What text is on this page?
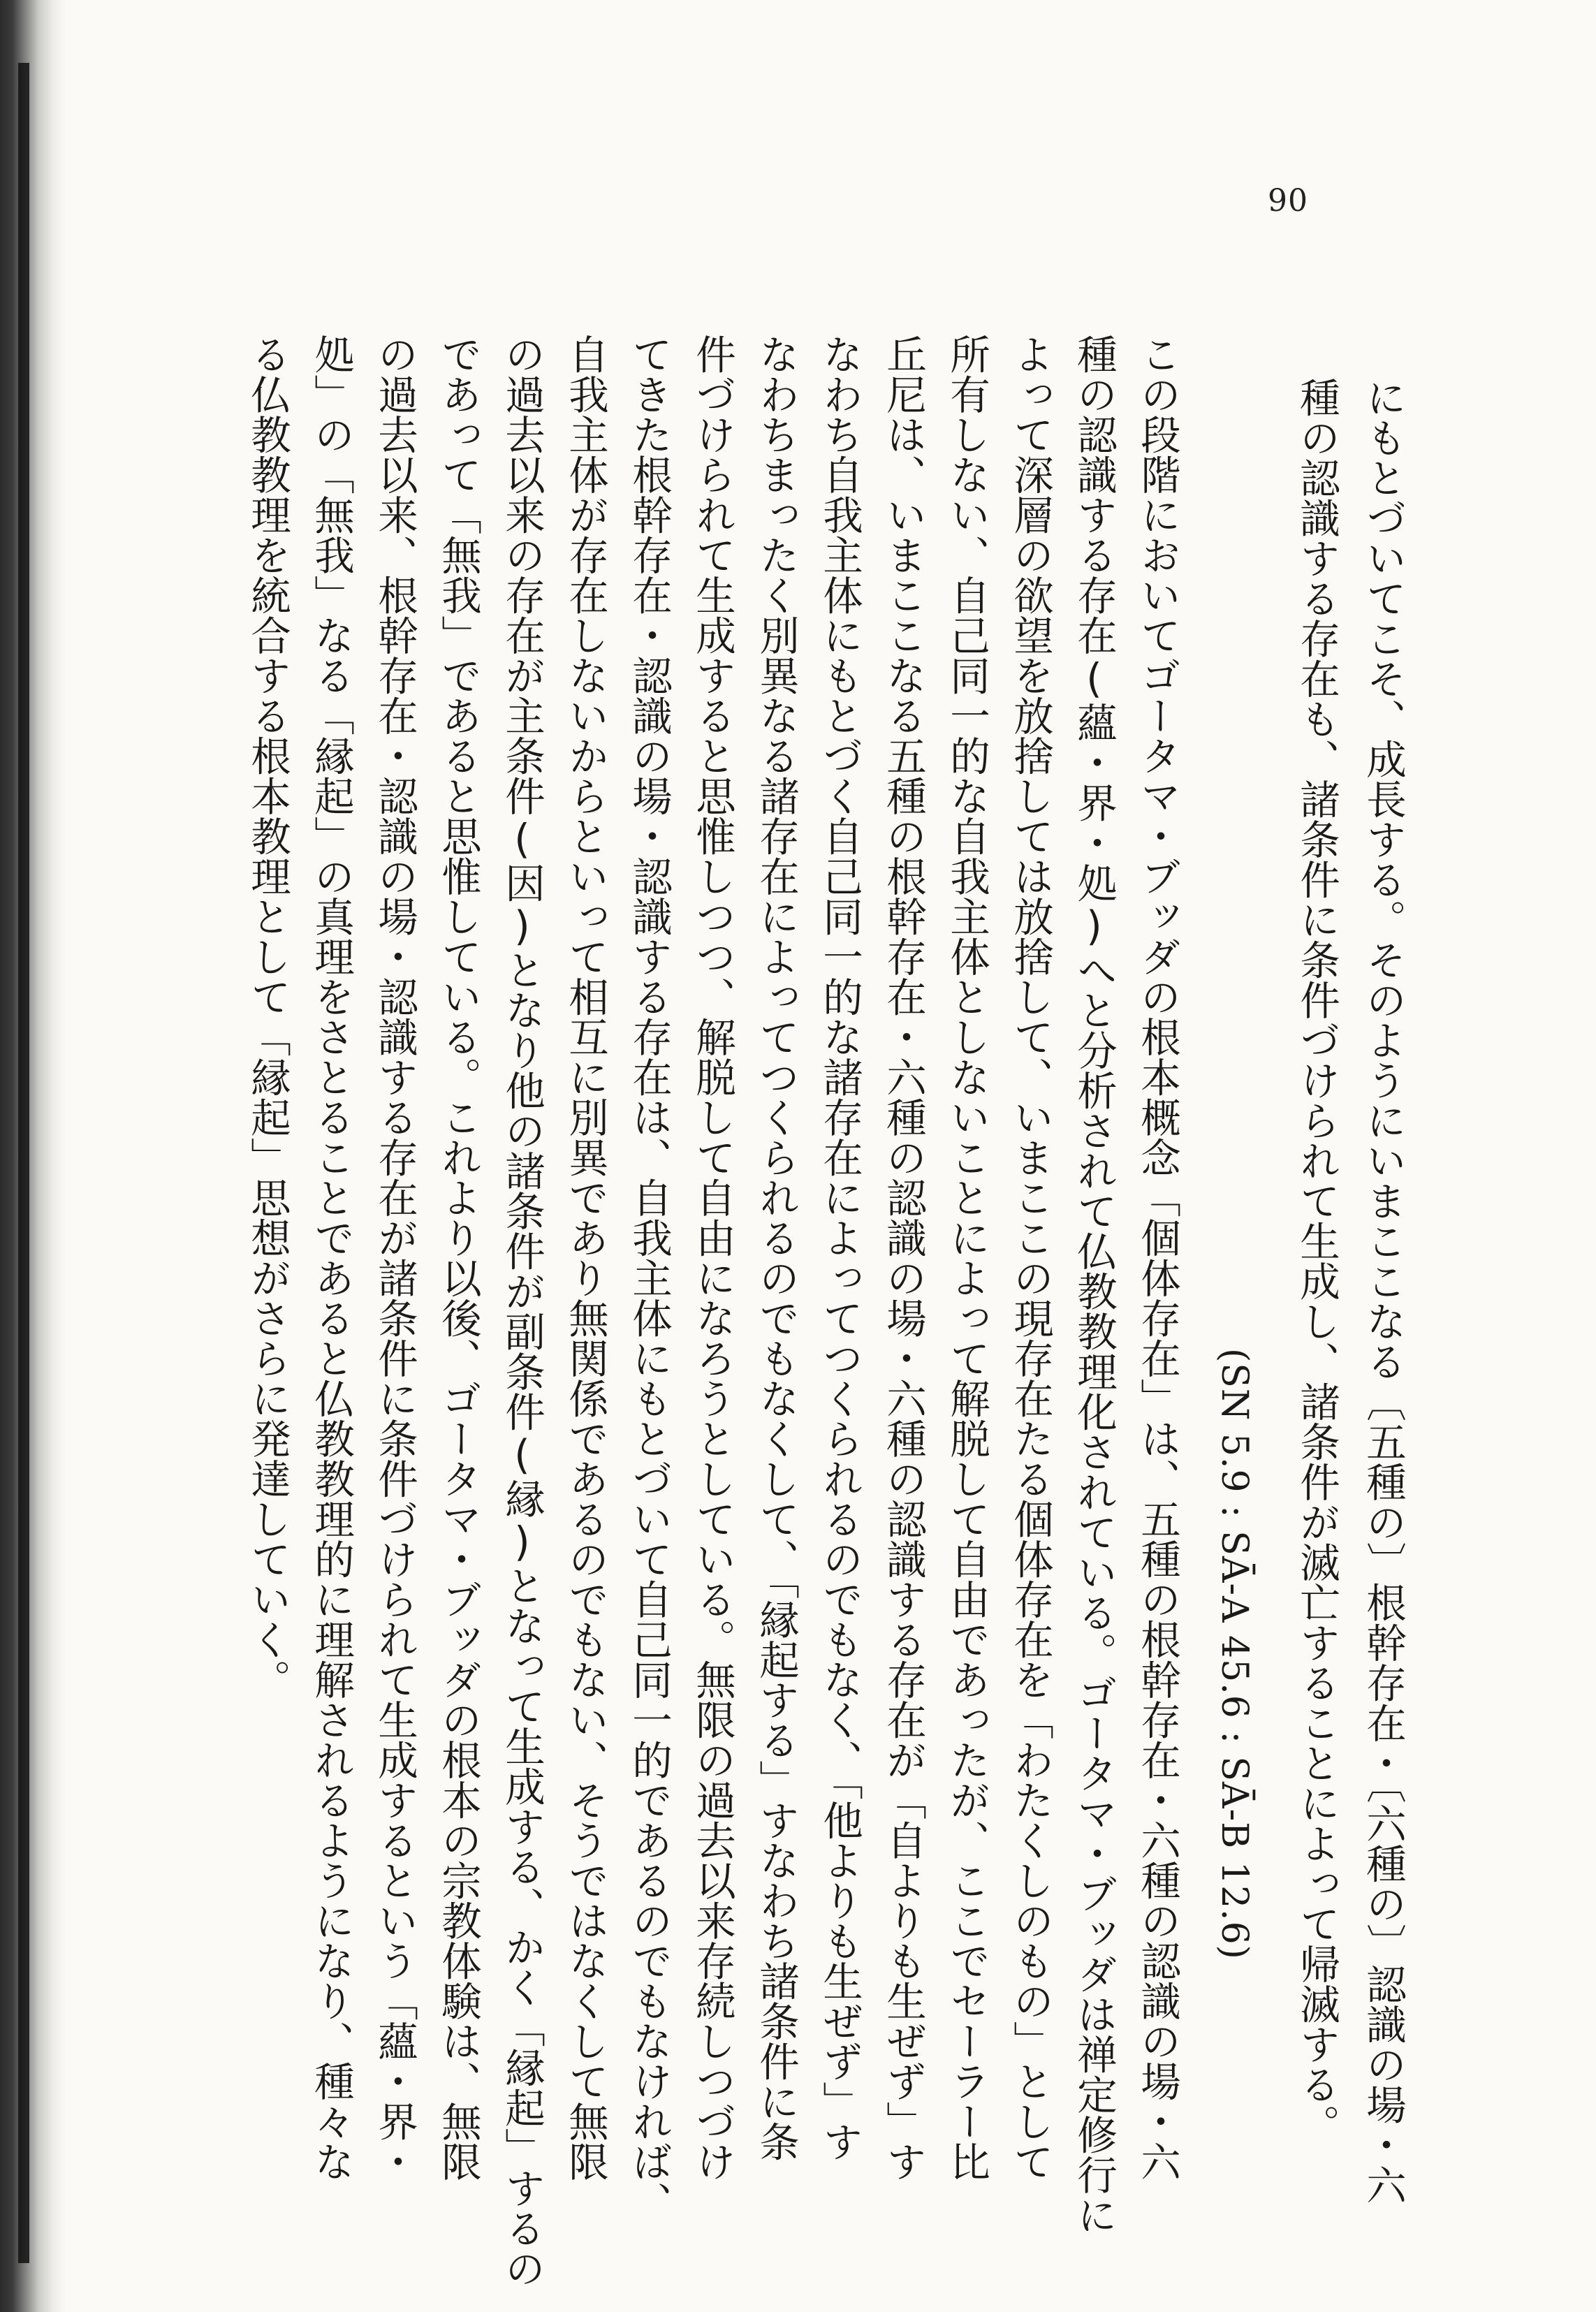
90
にもとづいてこそ、成長する。そのようにいまここなる〔五種の〕根幹存在・〔六種の〕認識の場・六
種の認識する存在も、諸条件に条件づけられて生成し、諸条件が滅亡することによって帰滅する。
(SN 5.9 : SĀ-A 45.6 : SĀ-B 12.6)
この段階においてゴータマ・ブッダの根本概念「個体存在」は、五種の根幹存在・六種の認識の場・六
種の認識する存在(蘊・界・処)へと分析されて仏教教理化されている。ゴータマ・ブッダは禅定修行に
よって深層の欲望を放捨しては放捨して、いまここの現存在たる個体存在を「わたくしのもの」として
所有しない、自己同一的な自我主体としないことによって解脱して自由であったが、ここでセーラー比
丘尼は、いまここなる五種の根幹存在・六種の認識の場・六種の認識する存在が「自よりも生ぜず」す
なわち自我主体にもとづく自己同一的な諸存在によってつくられるのでもなく、「他よりも生ぜず」す
なわちまったく別異なる諸存在によってつくられるのでもなくして、「縁起する」すなわち諸条件に条
件づけられて生成すると思惟しつつ、解脱して自由になろうとしている。無限の過去以来存続しつづけ
てきた根幹存在・認識の場・認識する存在は、自我主体にもとづいて自己同一的であるのでもなければ、
自我主体が存在しないからといって相互に別異であり無関係であるのでもない、そうではなくして無限
の過去以来の存在が主条件(因)となり他の諸条件が副条件(縁)となって生成する、かく「縁起」するの
であって「無我」であると思惟している。これより以後、ゴータマ・ブッダの根本の宗教体験は、無限
の過去以来、根幹存在・認識の場・認識する存在が諸条件に条件づけられて生成するという「蘊・界・
処」の「無我」なる「縁起」の真理をさとることであると仏教教理的に理解されるようになり、種々な
る仏教教理を統合する根本教理として「縁起」思想がさらに発達していく。
